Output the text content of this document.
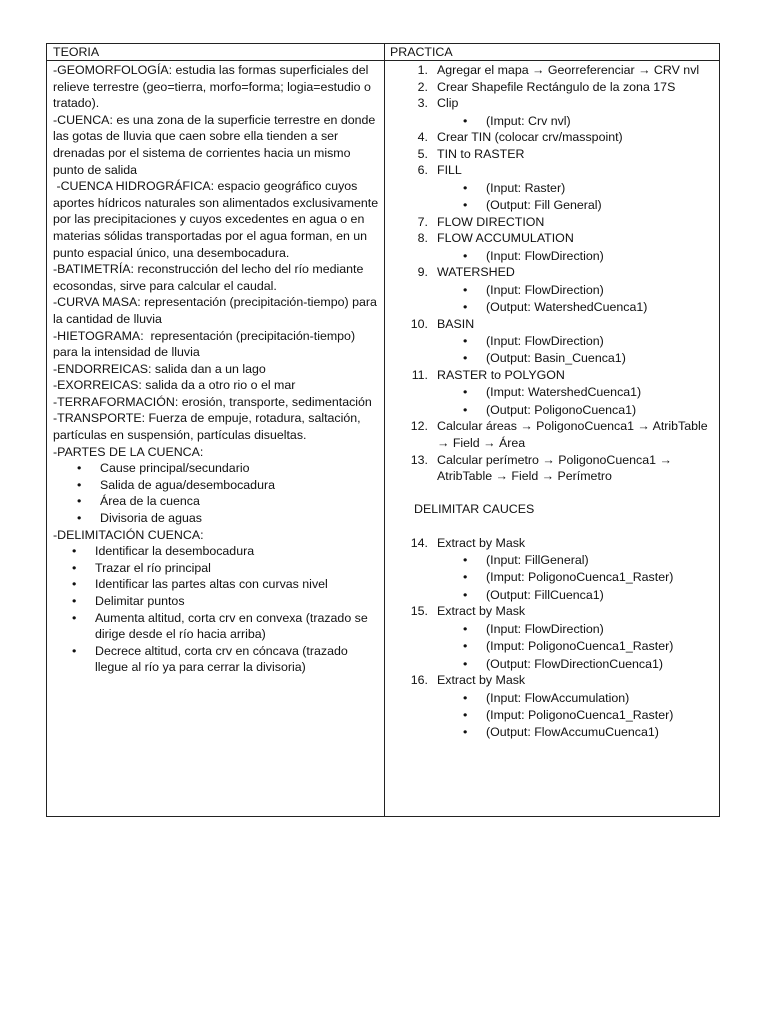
TEORIA	PRACTICA

-GEOMORFOLOGÍA: estudia las formas superficiales del relieve terrestre (geo=tierra, morfo=forma; logia=estudio o tratado).

-CUENCA: es una zona de la superficie terrestre en donde las gotas de lluvia que caen sobre ella tienden a ser drenadas por el sistema de corrientes hacia un mismo punto de salida

-CUENCA HIDROGRÁFICA: espacio geográfico cuyos aportes hídricos naturales son alimentados exclusivamente por las precipitaciones y cuyos excedentes en agua o en materias sólidas transportadas por el agua forman, en un punto espacial único, una desembocadura.

-BATIMETRÍA: reconstrucción del lecho del río mediante ecosondas, sirve para calcular el caudal.

-CURVA MASA: representación (precipitación-tiempo) para la cantidad de lluvia

-HIETOGRAMA:  representación (precipitación-tiempo) para la intensidad de lluvia

-ENDORREICAS: salida dan a un lago

-EXORREICAS: salida da a otro rio o el mar

-TERRAFORMACIÓN: erosión, transporte, sedimentación

-TRANSPORTE: Fuerza de empuje, rotadura, saltación, partículas en suspensión, partículas disueltas.

-PARTES DE LA CUENCA:

• Cause principal/secundario
• Salida de agua/desembocadura
• Área de la cuenca
• Divisoria de aguas

-DELIMITACIÓN CUENCA:

• Identificar la desembocadura
• Trazar el río principal
• Identificar las partes altas con curvas nivel
• Delimitar puntos
• Aumenta altitud, corta crv en convexa (trazado se dirige desde el río hacia arriba)
• Decrece altitud, corta crv en cóncava (trazado llegue al río ya para cerrar la divisoria)
1. Agregar el mapa → Georreferenciar → CRV nvl
2. Crear Shapefile Rectángulo de la zona 17S
3. Clip
• (Imput: Crv nvl)
4. Crear TIN (colocar crv/masspoint)
5. TIN to RASTER
6. FILL
• (Input: Raster)
• (Output: Fill General)
7. FLOW DIRECTION
8. FLOW ACCUMULATION
• (Input: FlowDirection)
9. WATERSHED
• (Input: FlowDirection)
• (Output: WatershedCuenca1)
10. BASIN
• (Input: FlowDirection)
• (Output: Basin_Cuenca1)
11. RASTER to POLYGON
• (Imput: WatershedCuenca1)
• (Output: PoligonoCuenca1)
12. Calcular áreas → PoligonoCuenca1 → AtribTable → Field → Área
13. Calcular perímetro → PoligonoCuenca1 → AtribTable → Field → Perímetro
DELIMITAR CAUCES
14. Extract by Mask
• (Input: FillGeneral)
• (Imput: PoligonoCuenca1_Raster)
• (Output: FillCuenca1)
15. Extract by Mask
• (Input: FlowDirection)
• (Imput: PoligonoCuenca1_Raster)
• (Output: FlowDirectionCuenca1)
16. Extract by Mask
• (Input: FlowAccumulation)
• (Imput: PoligonoCuenca1_Raster)
• (Output: FlowAccumuCuenca1)
